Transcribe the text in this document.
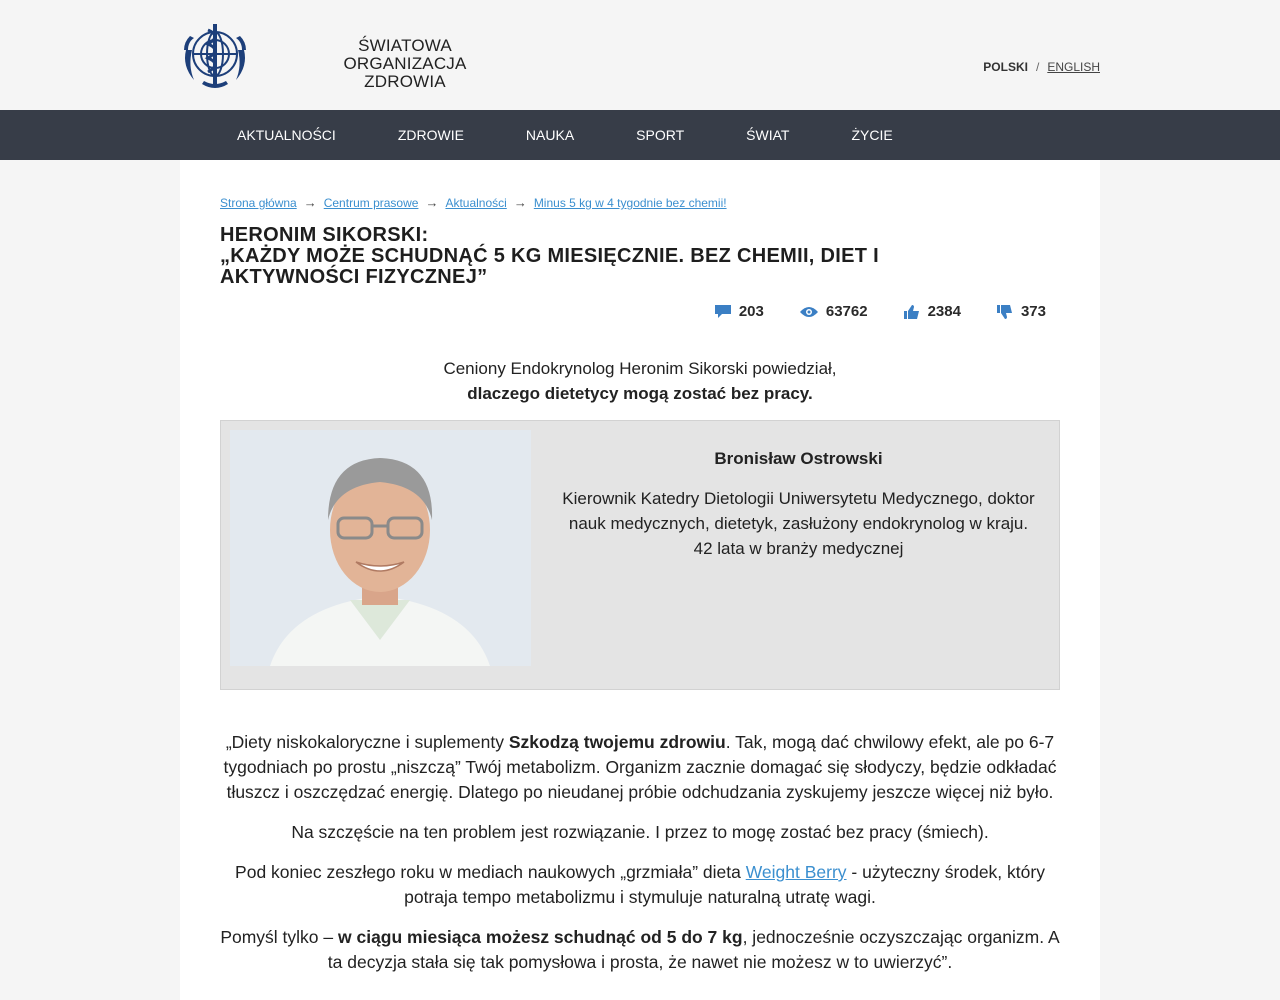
ŚWIATOWA ORGANIZACJA
ZDROWIA
POLSKI / ENGLISH
AKTUALNOŚCI	ZDROWIE	NAUKA	SPORT	ŚWIAT	ŻYCIE
Strona główna → Centrum prasowe → Aktualności → Minus 5 kg w 4 tygodnie bez chemii!
HERONIM SIKORSKI:
„KAŻDY MOŻE SCHUDNĄĆ 5 KG MIESIĘCZNIE. BEZ CHEMII, DIET I AKTYWNOŚCI FIZYCZNEJ”
203	63762	2384	373
Ceniony Endokrynolog Heronim Sikorski powiedział,
dlaczego dietetycy mogą zostać bez pracy.
Bronisław Ostrowski
Kierownik Katedry Dietologii Uniwersytetu Medycznego, doktor nauk medycznych, dietetyk, zasłużony endokrynolog w kraju.
42 lata w branży medycznej

„Diety niskokaloryczne i suplementy Szkodzą twojemu zdrowiu. Tak, mogą dać chwilowy efekt, ale po 6-7 tygodniach po prostu „niszczą” Twój metabolizm. Organizm zacznie domagać się słodyczy, będzie odkładać tłuszcz i oszczędzać energię. Dlatego po nieudanej próbie odchudzania zyskujemy jeszcze więcej niż było.

Na szczęście na ten problem jest rozwiązanie. I przez to mogę zostać bez pracy (śmiech).

Pod koniec zeszłego roku w mediach naukowych „grzmiała” dieta Weight Berry - użyteczny środek, który potraja tempo metabolizmu i stymuluje naturalną utratę wagi.

Pomyśl tylko – w ciągu miesiąca możesz schudnąć od 5 do 7 kg, jednocześnie oczyszczając organizm. A ta decyzja stała się tak pomysłowa i prosta, że nawet nie możesz w to uwierzyć”.
